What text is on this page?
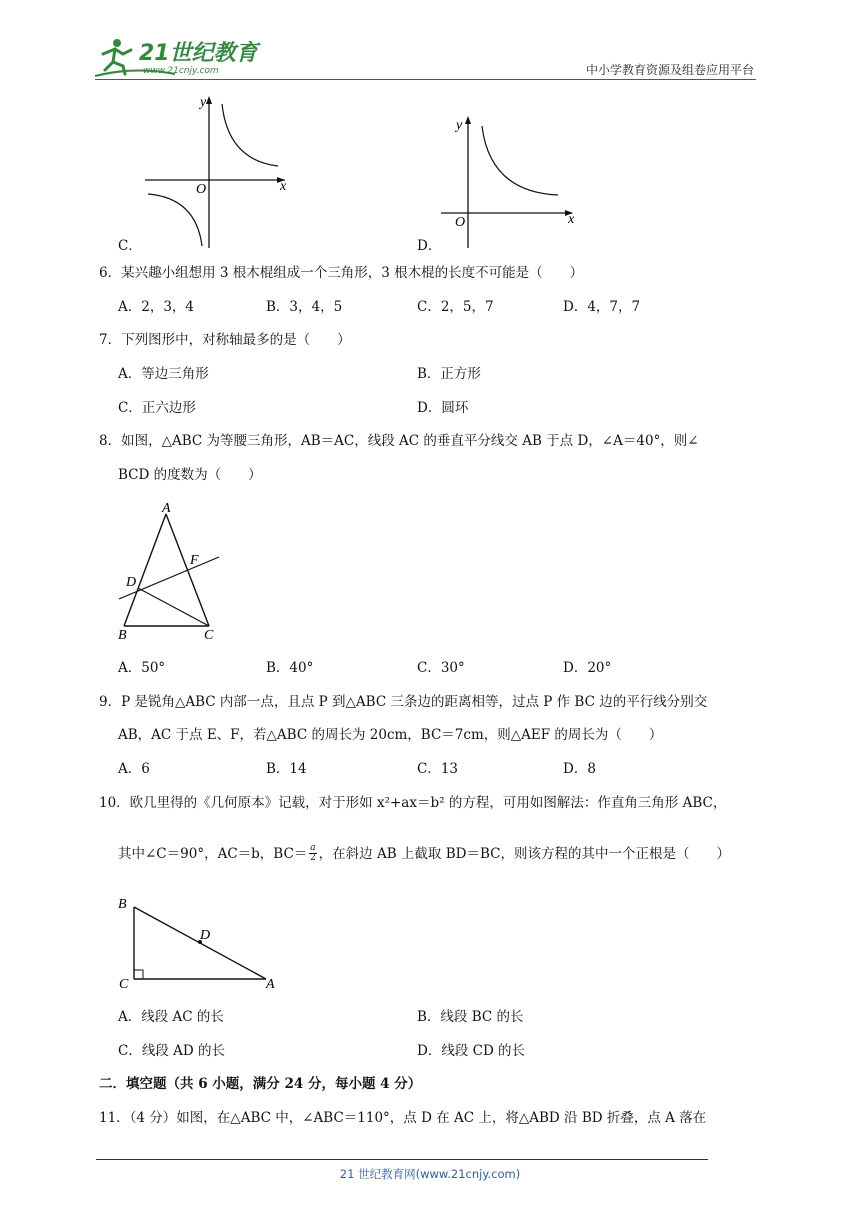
21世纪教育
www.21cnjy.com	中小学教育资源及组卷应用平台
y
x
O
C．
y
x
O
D．
6．某兴趣小组想用 3 根木棍组成一个三角形，3 根木棍的长度不可能是（　　）
A．2，3，4	B．3，4，5	C．2，5，7	D．4，7，7
7．下列图形中，对称轴最多的是（　　）
A．等边三角形	B．正方形
C．正六边形	D．圆环
8．如图，△ABC 为等腰三角形，AB＝AC，线段 AC 的垂直平分线交 AB 于点 D，∠A＝40°，则∠
BCD 的度数为（　　）
A
F
D
B	C
A．50°	B．40°	C．30°	D．20°
9．P 是锐角△ABC 内部一点，且点 P 到△ABC 三条边的距离相等，过点 P 作 BC 边的平行线分别交
AB，AC 于点 E、F，若△ABC 的周长为 20cm，BC＝7cm，则△AEF 的周长为（　　）
A．6	B．14	C．13	D．8
10．欧几里得的《几何原本》记载，对于形如 x²+ax＝b² 的方程，可用如图解法：作直角三角形 ABC，
其中∠C＝90°，AC＝b，$BC= \frac{a}{2}$ ，在斜边 AB 上截取 BD＝BC，则该方程的其中一个正根是（　　）
B
D
C	A
A．线段 AC 的长	B．线段 BC 的长
C．线段 AD 的长	D．线段 CD 的长
二．填空题（共 6 小题，满分 24 分，每小题 4 分）
11．（4 分）如图，在△ABC 中，∠ABC＝110°，点 D 在 AC 上，将△ABD 沿 BD 折叠，点 A 落在
21 世纪教育网(www.21cnjy.com)
